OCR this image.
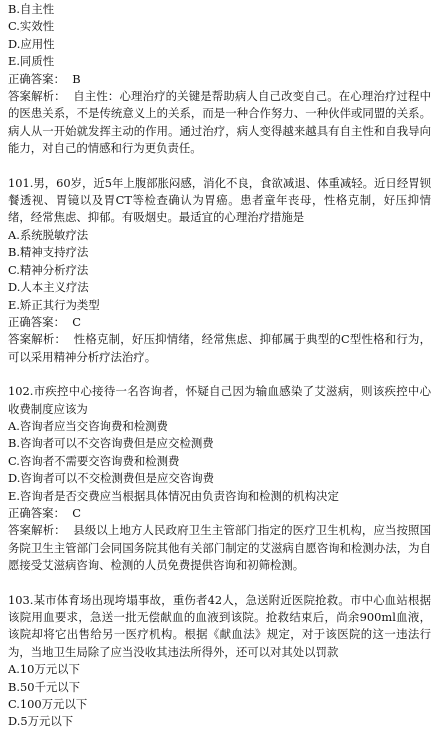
B.自主性
C.实效性
D.应用性
E.同质性
正确答案： B
答案解析： 自主性：心理治疗的关键是帮助病人自己改变自己。在心理治疗过程中的医患关系，不是传统意义上的关系，而是一种合作努力、一种伙伴或同盟的关系。病人从一开始就发挥主动的作用。通过治疗，病人变得越来越具有自主性和自我导向能力，对自己的情感和行为更负责任。
101.男，60岁，近5年上腹部胀闷感，消化不良，食欲减退、体重减轻。近日经胃钡餐透视、胃镜以及胃CT等检查确认为胃癌。患者童年丧母，性格克制，好压抑情绪，经常焦虑、抑郁。有吸烟史。最适宜的心理治疗措施是
A.系统脱敏疗法
B.精神支持疗法
C.精神分析疗法
D.人本主义疗法
E.矫正其行为类型
正确答案： C
答案解析： 性格克制，好压抑情绪，经常焦虑、抑郁属于典型的C型性格和行为，可以采用精神分析疗法治疗。
102.市疾控中心接待一名咨询者，怀疑自己因为输血感染了艾滋病，则该疾控中心收费制度应该为
A.咨询者应当交咨询费和检测费
B.咨询者可以不交咨询费但是应交检测费
C.咨询者不需要交咨询费和检测费
D.咨询者可以不交检测费但是应交咨询费
E.咨询者是否交费应当根据具体情况由负责咨询和检测的机构决定
正确答案： C
答案解析： 县级以上地方人民政府卫生主管部门指定的医疗卫生机构，应当按照国务院卫生主管部门会同国务院其他有关部门制定的艾滋病自愿咨询和检测办法，为自愿接受艾滋病咨询、检测的人员免费提供咨询和初筛检测。
103.某市体育场出现垮塌事故，重伤者42人，急送附近医院抢救。市中心血站根据该院用血要求，急送一批无偿献血的血液到该院。抢救结束后，尚余900ml血液，该院却将它出售给另一医疗机构。根据《献血法》规定，对于该医院的这一违法行为，当地卫生局除了应当没收其违法所得外，还可以对其处以罚款
A.10万元以下
B.50千元以下
C.100万元以下
D.5万元以下
